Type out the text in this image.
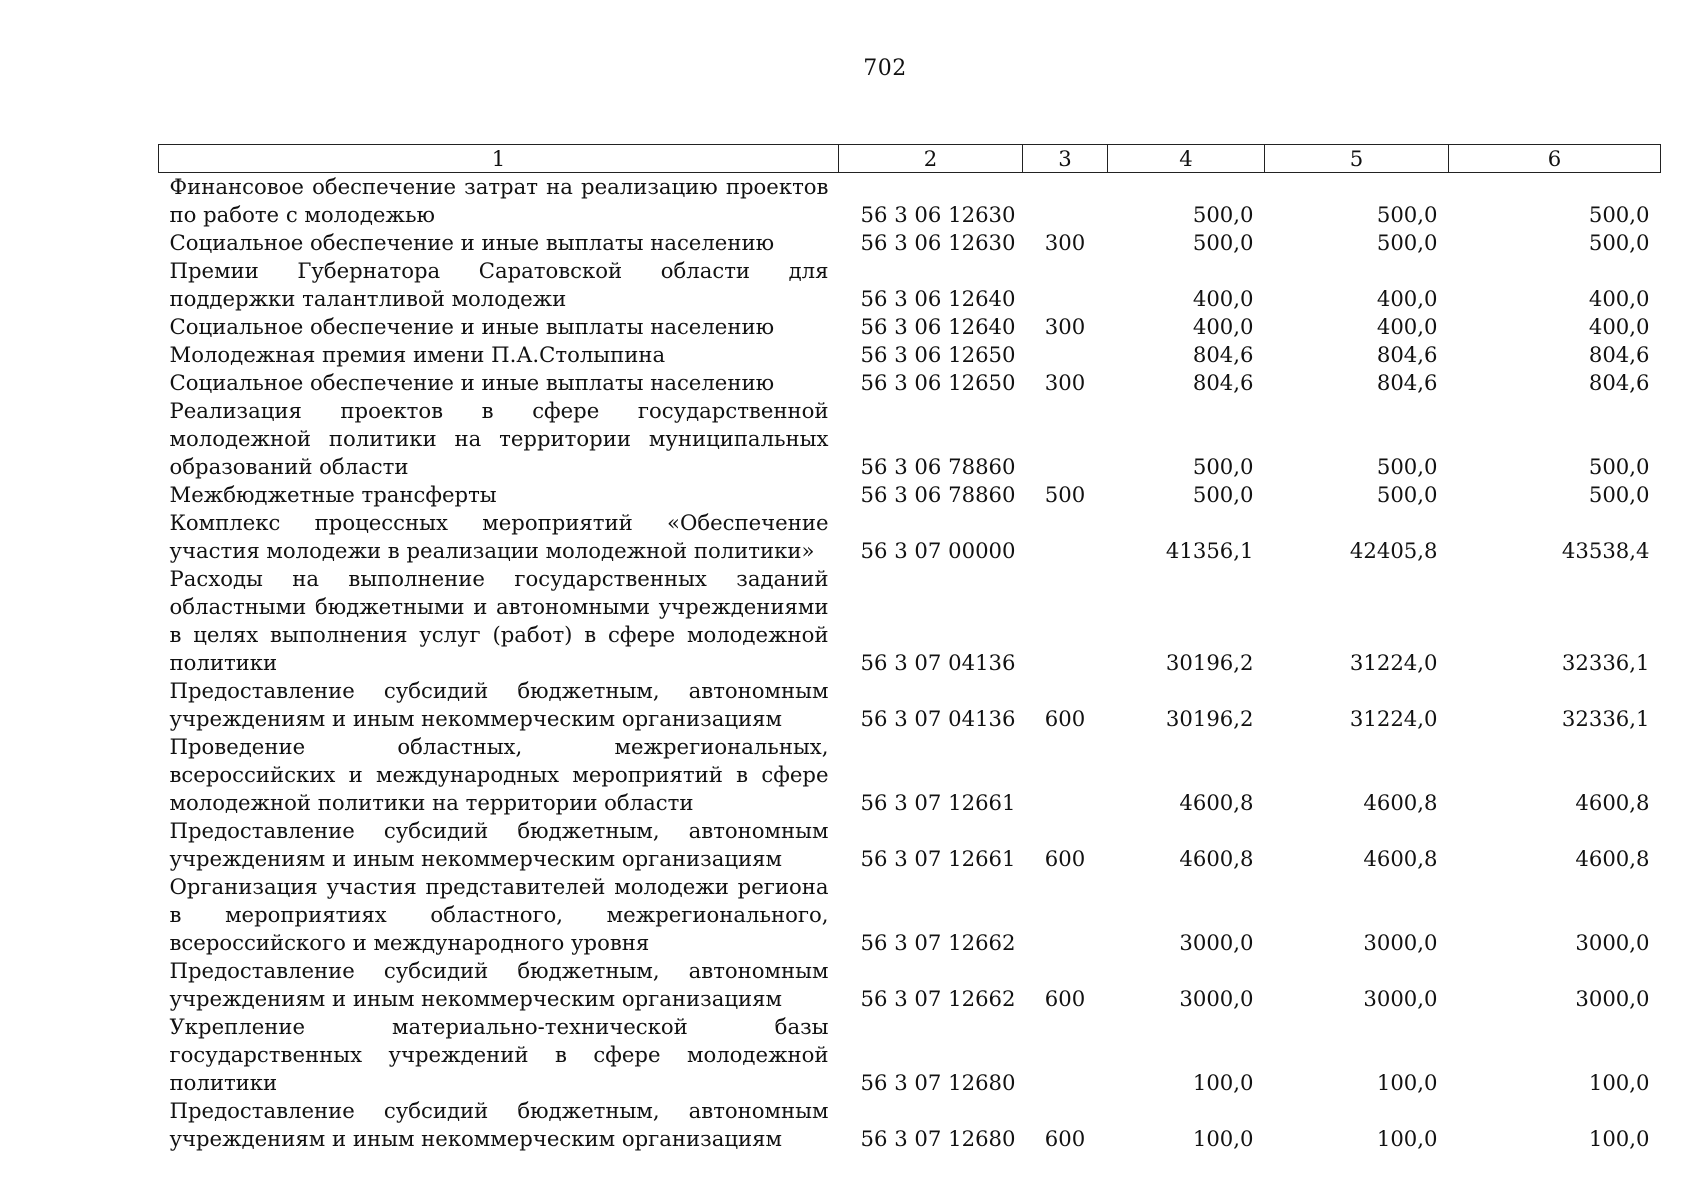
702
1	2	3	4	5	6
Финансовое обеспечение затрат на реализацию проектов по работе с молодежью	56 3 06 12630		500,0	500,0	500,0
Социальное обеспечение и иные выплаты населению	56 3 06 12630	300	500,0	500,0	500,0
Премии Губернатора Саратовской области для поддержки талантливой молодежи	56 3 06 12640		400,0	400,0	400,0
Социальное обеспечение и иные выплаты населению	56 3 06 12640	300	400,0	400,0	400,0
Молодежная премия имени П.А.Столыпина	56 3 06 12650		804,6	804,6	804,6
Социальное обеспечение и иные выплаты населению	56 3 06 12650	300	804,6	804,6	804,6
Реализация проектов в сфере государственной молодежной политики на территории муниципальных образований области	56 3 06 78860		500,0	500,0	500,0
Межбюджетные трансферты	56 3 06 78860	500	500,0	500,0	500,0
Комплекс процессных мероприятий «Обеспечение участия молодежи в реализации молодежной политики»	56 3 07 00000		41356,1	42405,8	43538,4
Расходы на выполнение государственных заданий областными бюджетными и автономными учреждениями в целях выполнения услуг (работ) в сфере молодежной политики	56 3 07 04136		30196,2	31224,0	32336,1
Предоставление субсидий бюджетным, автономным учреждениям и иным некоммерческим организациям	56 3 07 04136	600	30196,2	31224,0	32336,1
Проведение областных, межрегиональных, всероссийских и международных мероприятий в сфере молодежной политики на территории области	56 3 07 12661		4600,8	4600,8	4600,8
Предоставление субсидий бюджетным, автономным учреждениям и иным некоммерческим организациям	56 3 07 12661	600	4600,8	4600,8	4600,8
Организация участия представителей молодежи региона в мероприятиях областного, межрегионального, всероссийского и международного уровня	56 3 07 12662		3000,0	3000,0	3000,0
Предоставление субсидий бюджетным, автономным учреждениям и иным некоммерческим организациям	56 3 07 12662	600	3000,0	3000,0	3000,0
Укрепление материально-технической базы государственных учреждений в сфере молодежной политики	56 3 07 12680		100,0	100,0	100,0
Предоставление субсидий бюджетным, автономным учреждениям и иным некоммерческим организациям	56 3 07 12680	600	100,0	100,0	100,0
